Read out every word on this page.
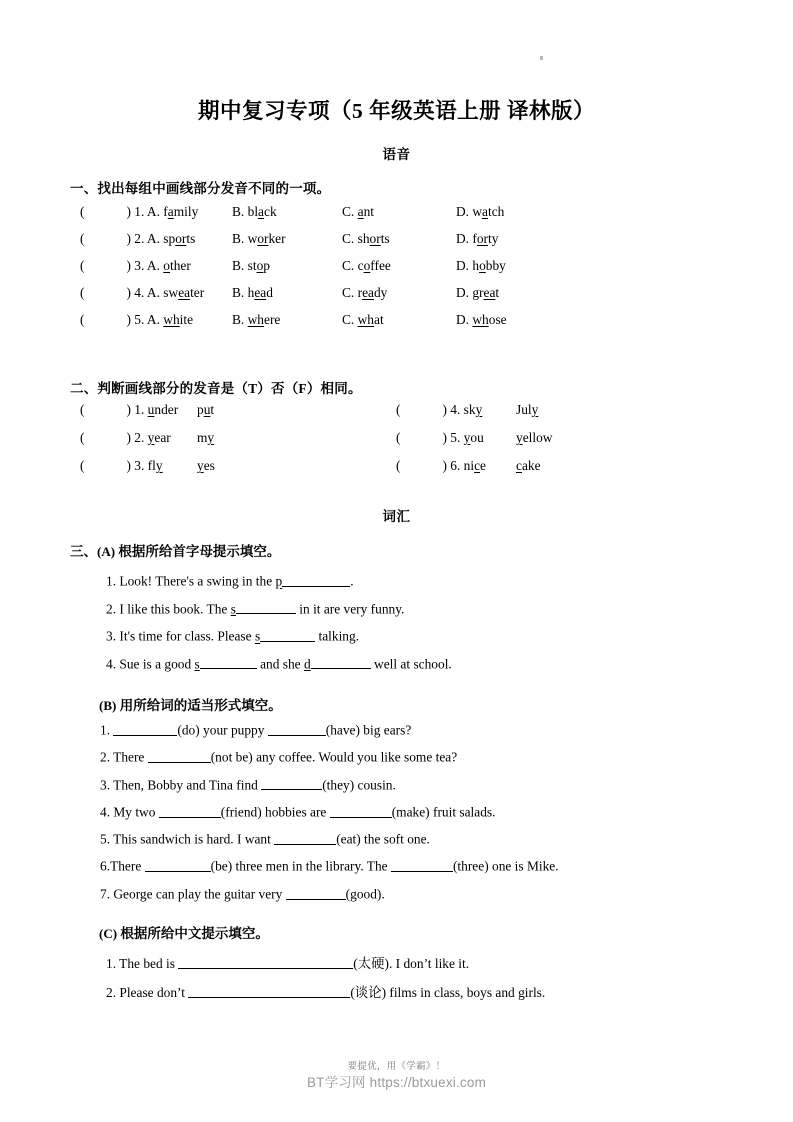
期中复习专项（5 年级英语上册 译林版）
语音
一、找出每组中画线部分发音不同的一项。
(	) 1. A. family	B. black	C. ant	D. watch
(	) 2. A. sports	B. worker	C. shorts	D. forty
(	) 3. A. other	B. stop	C. coffee	D. hobby
(	) 4. A. sweater B. head	C. ready	D. great
(	) 5. A. white	B. where	C. what	D. whose
二、判断画线部分的发音是（T）否（F）相同。
(	) 1. under put	(	) 4. sky	July
(	) 2. year my	(	) 5. you yellow
(	) 3. fly	yes	(	) 6. nice cake
词汇
三、(A) 根据所给首字母提示填空。
1. Look! There's a swing in the p	.
2. I like this book. The s	in it are very funny.
3. It's time for class. Please s	talking.
4. Sue is a good s	and she d	well at school.
(B) 用所给词的适当形式填空。
1.	(do) your puppy	(have) big ears?
2. There	(not be) any coffee. Would you like some tea?
3. Then, Bobby and Tina find	(they) cousin.
4. My two	(friend) hobbies are	(make) fruit salads.
5. This sandwich is hard. I want	(eat) the soft one.
6.There	(be) three men in the library. The	(three) one is Mike.
7. George can play the guitar very	(good).
(C) 根据所给中文提示填空。
1. The bed is	(太硬). I don’t like it.
2. Please don’t	(谈论) films in class, boys and girls.
要提优，用《学霸》！
BT学习网 https://btxuexi.com
